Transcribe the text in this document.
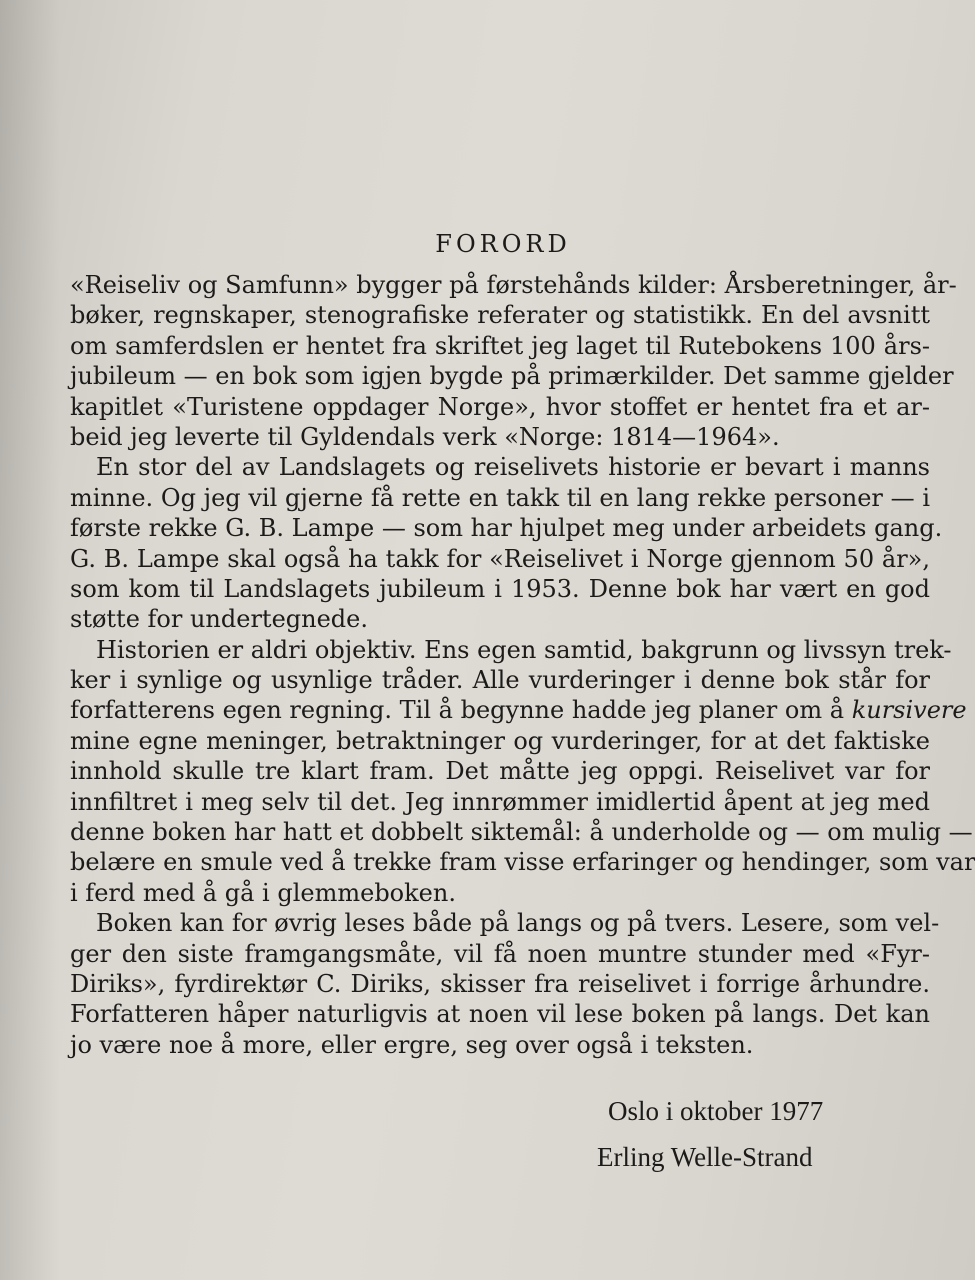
FORORD
«Reiseliv og Samfunn» bygger på førstehånds kilder: Årsberetninger, år-
bøker, regnskaper, stenografiske referater og statistikk. En del avsnitt
om samferdslen er hentet fra skriftet jeg laget til Rutebokens 100 års-
jubileum — en bok som igjen bygde på primærkilder. Det samme gjelder
kapitlet «Turistene oppdager Norge», hvor stoffet er hentet fra et ar-
beid jeg leverte til Gyldendals verk «Norge: 1814—1964».
En stor del av Landslagets og reiselivets historie er bevart i manns
minne. Og jeg vil gjerne få rette en takk til en lang rekke personer — i
første rekke G. B. Lampe — som har hjulpet meg under arbeidets gang.
G. B. Lampe skal også ha takk for «Reiselivet i Norge gjennom 50 år»,
som kom til Landslagets jubileum i 1953. Denne bok har vært en god
støtte for undertegnede.
Historien er aldri objektiv. Ens egen samtid, bakgrunn og livssyn trek-
ker i synlige og usynlige tråder. Alle vurderinger i denne bok står for
forfatterens egen regning. Til å begynne hadde jeg planer om å kursivere
mine egne meninger, betraktninger og vurderinger, for at det faktiske
innhold skulle tre klart fram. Det måtte jeg oppgi. Reiselivet var for
innfiltret i meg selv til det. Jeg innrømmer imidlertid åpent at jeg med
denne boken har hatt et dobbelt siktemål: å underholde og — om mulig —
belære en smule ved å trekke fram visse erfaringer og hendinger, som var
i ferd med å gå i glemmeboken.
Boken kan for øvrig leses både på langs og på tvers. Lesere, som vel-
ger den siste framgangsmåte, vil få noen muntre stunder med «Fyr-
Diriks», fyrdirektør C. Diriks, skisser fra reiselivet i forrige århundre.
Forfatteren håper naturligvis at noen vil lese boken på langs. Det kan
jo være noe å more, eller ergre, seg over også i teksten.
Oslo i oktober 1977
Erling Welle-Strand
